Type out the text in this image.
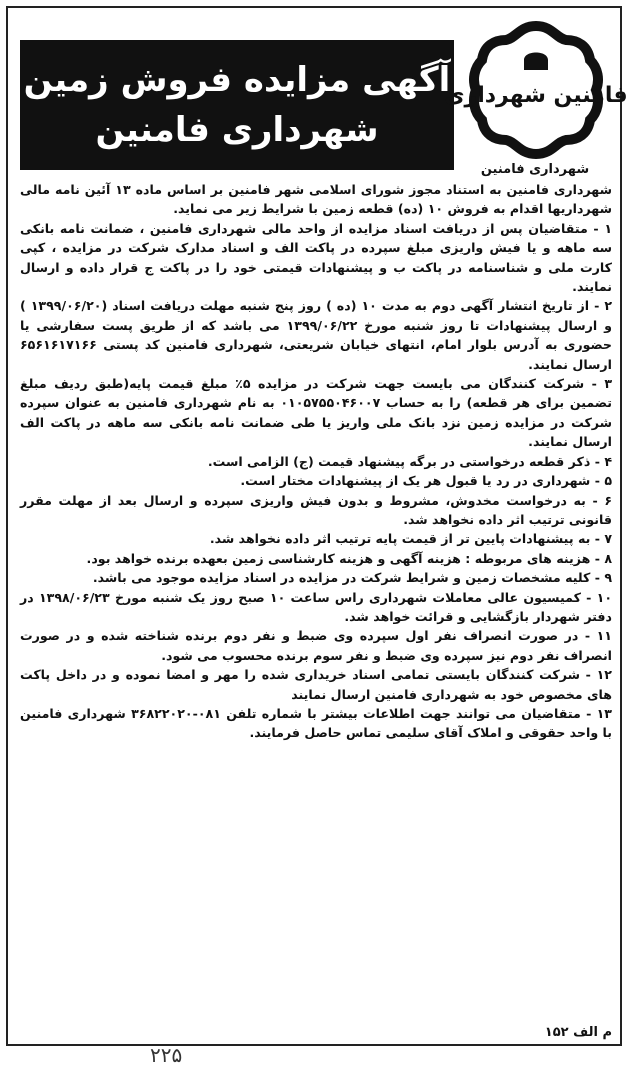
آگهی مزایده فروش زمین
شهرداری فامنین
فامنین شهرداری
شهرداری فامنین

شهرداری فامنین به استناد مجوز شورای اسلامی شهر فامنین بر اساس ماده ۱۳ آئین نامه مالی شهرداریها اقدام به فروش ۱۰ (ده) قطعه زمین با شرایط زیر می نماید.

۱ - متقاضیان پس از دریافت اسناد مزایده از واحد مالی شهرداری فامنین ، ضمانت نامه بانکی سه ماهه و یا فیش واریزی مبلغ سپرده در پاکت الف و اسناد مدارک شرکت در مزایده ، کپی کارت ملی و شناسنامه در پاکت ب و پیشنهادات قیمتی خود را در پاکت ج قرار داده و ارسال نمایند.

۲ - از تاریخ انتشار آگهی دوم به مدت ۱۰ (ده ) روز پنج شنبه مهلت دریافت اسناد (۱۳۹۹/۰۶/۲۰ ) و ارسال پیشنهادات تا روز شنبه مورخ ۱۳۹۹/۰۶/۲۲ می باشد که از طریق پست سفارشی یا حضوری به آدرس بلوار امام، انتهای خیابان شریعتی، شهرداری فامنین کد پستی ۶۵۶۱۶۱۷۱۶۶ ارسال نمایند.

۳ - شرکت کنندگان می بایست جهت شرکت در مزایده ۵٪ مبلغ قیمت پایه(طبق ردیف مبلغ تضمین برای هر قطعه) را به حساب ۰۱۰۵۷۵۵۰۴۶۰۰۷ به نام شهرداری فامنین به عنوان سپرده شرکت در مزایده زمین نزد بانک ملی واریز یا طی ضمانت نامه بانکی سه ماهه در پاکت الف ارسال نمایند.

۴ - ذکر قطعه درخواستی در برگه پیشنهاد قیمت (ج) الزامی است.

۵ - شهرداری در رد یا قبول هر یک از پیشنهادات مختار است.

۶ - به درخواست مخدوش، مشروط و بدون فیش واریزی سپرده و ارسال بعد از مهلت مقرر قانونی ترتیب اثر داده نخواهد شد.

۷ - به پیشنهادات پایین تر از قیمت پایه ترتیب اثر داده نخواهد شد.

۸ - هزینه های مربوطه : هزینه آگهی و هزینه کارشناسی زمین بعهده برنده خواهد بود.

۹ - کلیه مشخصات زمین و شرایط شرکت در مزایده در اسناد مزایده موجود می باشد.

۱۰ - کمیسیون عالی معاملات شهرداری راس ساعت ۱۰ صبح روز یک شنبه مورخ ۱۳۹۸/۰۶/۲۳ در دفتر شهردار بازگشایی و قرائت خواهد شد.

۱۱ - در صورت انصراف نفر اول سپرده وی ضبط و نفر دوم برنده شناخته شده و در صورت انصراف نفر دوم نیز سپرده وی ضبط و نفر سوم برنده محسوب می شود.

۱۲ - شرکت کنندگان بایستی تمامی اسناد خریداری شده را مهر و امضا نموده و در داخل پاکت های مخصوص خود به شهرداری فامنین ارسال نمایند

۱۳ - متقاضیان می توانند جهت اطلاعات بیشتر با شماره تلفن ۰۸۱-۳۶۸۲۲۰۲۰ شهرداری فامنین با واحد حقوقی و املاک آقای سلیمی تماس حاصل فرمایند.

م الف ۱۵۲
۲۲۵
